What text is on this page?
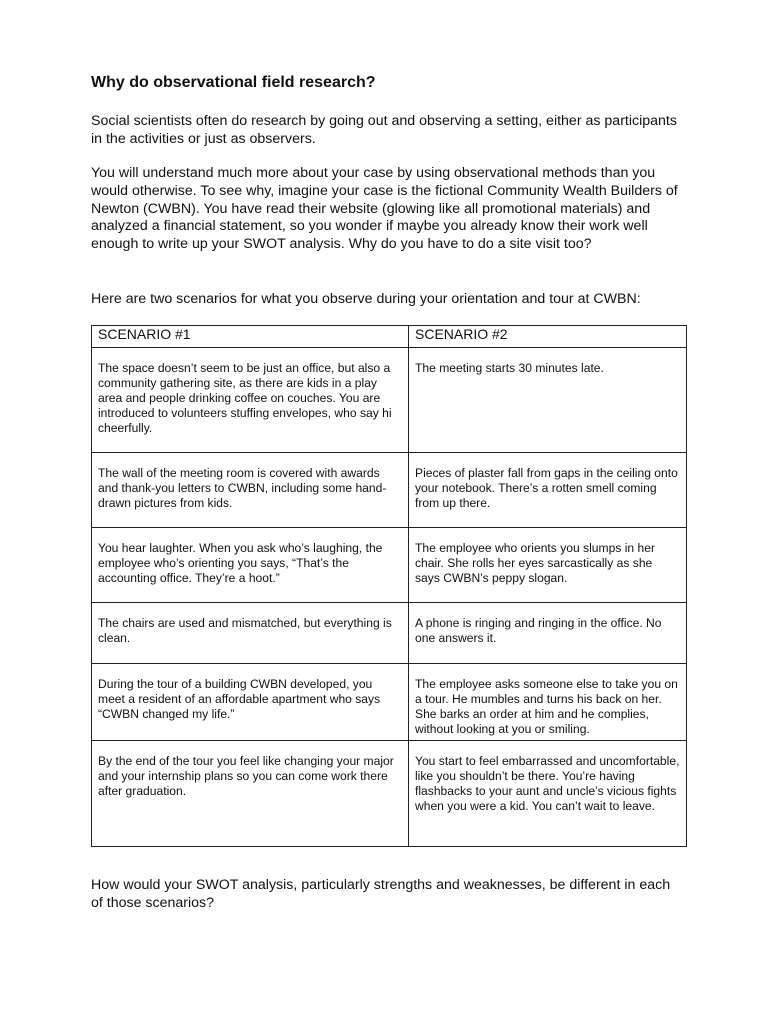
Why do observational field research?

Social scientists often do research by going out and observing a setting, either as participants in the activities or just as observers.

You will understand much more about your case by using observational methods than you would otherwise. To see why, imagine your case is the fictional Community Wealth Builders of Newton (CWBN). You have read their website (glowing like all promotional materials) and analyzed a financial statement, so you wonder if maybe you already know their work well enough to write up your SWOT analysis. Why do you have to do a site visit too?

Here are two scenarios for what you observe during your orientation and tour at CWBN:

SCENARIO #1	SCENARIO #2
The space doesn’t seem to be just an office, but also a community gathering site, as there are kids in a play area and people drinking coffee on couches. You are introduced to volunteers stuffing envelopes, who say hi cheerfully.	The meeting starts 30 minutes late.
The wall of the meeting room is covered with awards and thank-you letters to CWBN, including some hand-drawn pictures from kids.	Pieces of plaster fall from gaps in the ceiling onto your notebook. There’s a rotten smell coming from up there.
You hear laughter. When you ask who’s laughing, the employee who’s orienting you says, “That’s the accounting office. They’re a hoot.”	The employee who orients you slumps in her chair. She rolls her eyes sarcastically as she says CWBN’s peppy slogan.
The chairs are used and mismatched, but everything is clean.	A phone is ringing and ringing in the office. No one answers it.
During the tour of a building CWBN developed, you meet a resident of an affordable apartment who says “CWBN changed my life.”	The employee asks someone else to take you on a tour. He mumbles and turns his back on her. She barks an order at him and he complies, without looking at you or smiling.
By the end of the tour you feel like changing your major and your internship plans so you can come work there after graduation.	You start to feel embarrassed and uncomfortable, like you shouldn’t be there. You’re having flashbacks to your aunt and uncle’s vicious fights when you were a kid. You can’t wait to leave.

How would your SWOT analysis, particularly strengths and weaknesses, be different in each of those scenarios?
